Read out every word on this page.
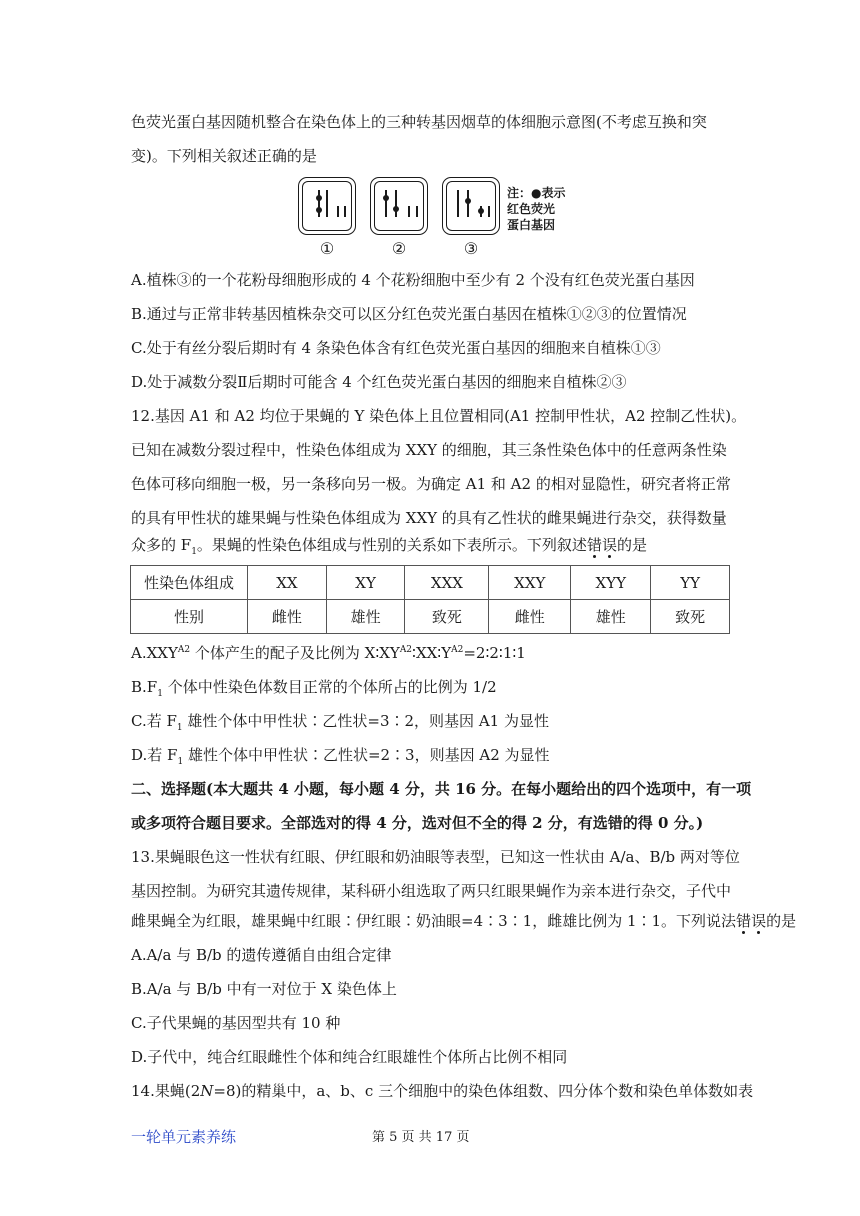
色荧光蛋白基因随机整合在染色体上的三种转基因烟草的体细胞示意图(不考虑互换和突
变)。下列相关叙述正确的是
①	②	③
注：●表示
红色荧光
蛋白基因
A.植株③的一个花粉母细胞形成的 4 个花粉细胞中至少有 2 个没有红色荧光蛋白基因
B.通过与正常非转基因植株杂交可以区分红色荧光蛋白基因在植株①②③的位置情况
C.处于有丝分裂后期时有 4 条染色体含有红色荧光蛋白基因的细胞来自植株①③
D.处于减数分裂Ⅱ后期时可能含 4 个红色荧光蛋白基因的细胞来自植株②③
12.基因 A1 和 A2 均位于果蝇的 Y 染色体上且位置相同(A1 控制甲性状，A2 控制乙性状)。
已知在减数分裂过程中，性染色体组成为 XXY 的细胞，其三条性染色体中的任意两条性染
色体可移向细胞一极，另一条移向另一极。为确定 A1 和 A2 的相对显隐性，研究者将正常
的具有甲性状的雄果蝇与性染色体组成为 XXY 的具有乙性状的雌果蝇进行杂交，获得数量
众多的 $F_1$。果蝇的性染色体组成与性别的关系如下表所示。下列叙述错误的是
性染色体组成	XX	XY	XXX	XXY	XYY	YY
性别	雌性	雄性	致死	雌性	雄性	致死
$A.XXY^{A2}$ 个体产生的配子及比例为 $X∶XY^{A2}∶XX∶Y^{A2}=2∶2∶1∶1$
$B.F_1$ 个体中性染色体数目正常的个体所占的比例为 1/2
C.若 $F_1$ 雄性个体中甲性状∶乙性状=3∶2，则基因 A1 为显性
D.若 $F_1$ 雄性个体中甲性状∶乙性状=2∶3，则基因 A2 为显性
二、选择题(本大题共 4 小题，每小题 4 分，共 16 分。在每小题给出的四个选项中，有一项
或多项符合题目要求。全部选对的得 4 分，选对但不全的得 2 分，有选错的得 0 分。)
13.果蝇眼色这一性状有红眼、伊红眼和奶油眼等表型，已知这一性状由 A/a、B/b 两对等位
基因控制。为研究其遗传规律，某科研小组选取了两只红眼果蝇作为亲本进行杂交，子代中
雌果蝇全为红眼，雄果蝇中红眼∶伊红眼∶奶油眼=4∶3∶1，雌雄比例为 1∶1。下列说法错误的是
A.A/a 与 B/b 的遗传遵循自由组合定律
B.A/a 与 B/b 中有一对位于 X 染色体上
C.子代果蝇的基因型共有 10 种
D.子代中，纯合红眼雌性个体和纯合红眼雄性个体所占比例不相同
14.果蝇(2N=8)的精巢中，a、b、c 三个细胞中的染色体组数、四分体个数和染色单体数如表
一轮单元素养练	第 5 页 共 17 页
